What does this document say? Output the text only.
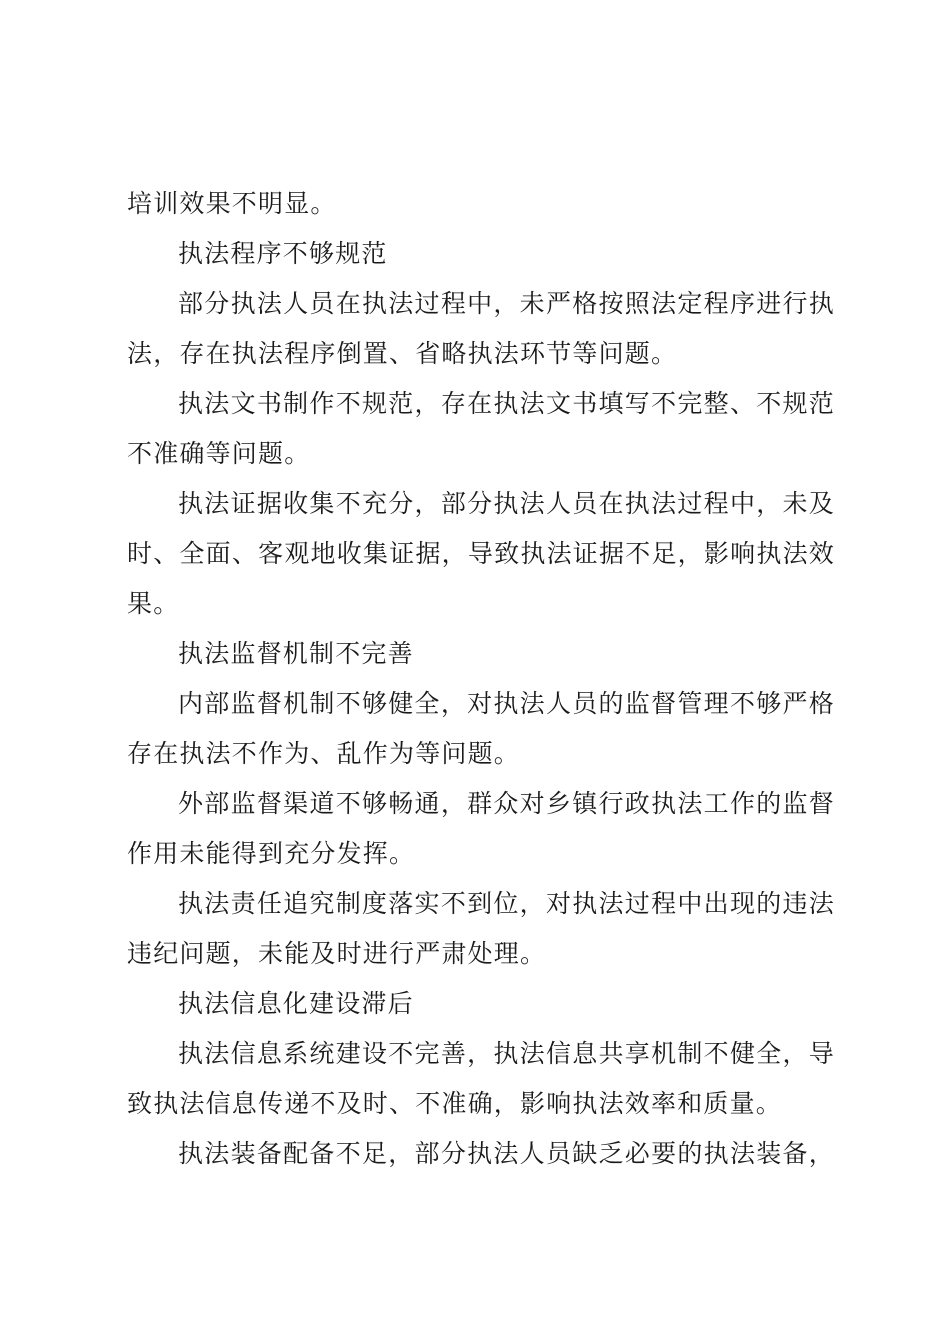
培训效果不明显。
执法程序不够规范
部分执法人员在执法过程中，未严格按照法定程序进行执
法，存在执法程序倒置、省略执法环节等问题。
执法文书制作不规范，存在执法文书填写不完整、不规范
不准确等问题。
执法证据收集不充分，部分执法人员在执法过程中，未及
时、全面、客观地收集证据，导致执法证据不足，影响执法效
果。
执法监督机制不完善
内部监督机制不够健全，对执法人员的监督管理不够严格
存在执法不作为、乱作为等问题。
外部监督渠道不够畅通，群众对乡镇行政执法工作的监督
作用未能得到充分发挥。
执法责任追究制度落实不到位，对执法过程中出现的违法
违纪问题，未能及时进行严肃处理。
执法信息化建设滞后
执法信息系统建设不完善，执法信息共享机制不健全，导
致执法信息传递不及时、不准确，影响执法效率和质量。
执法装备配备不足，部分执法人员缺乏必要的执法装备，
